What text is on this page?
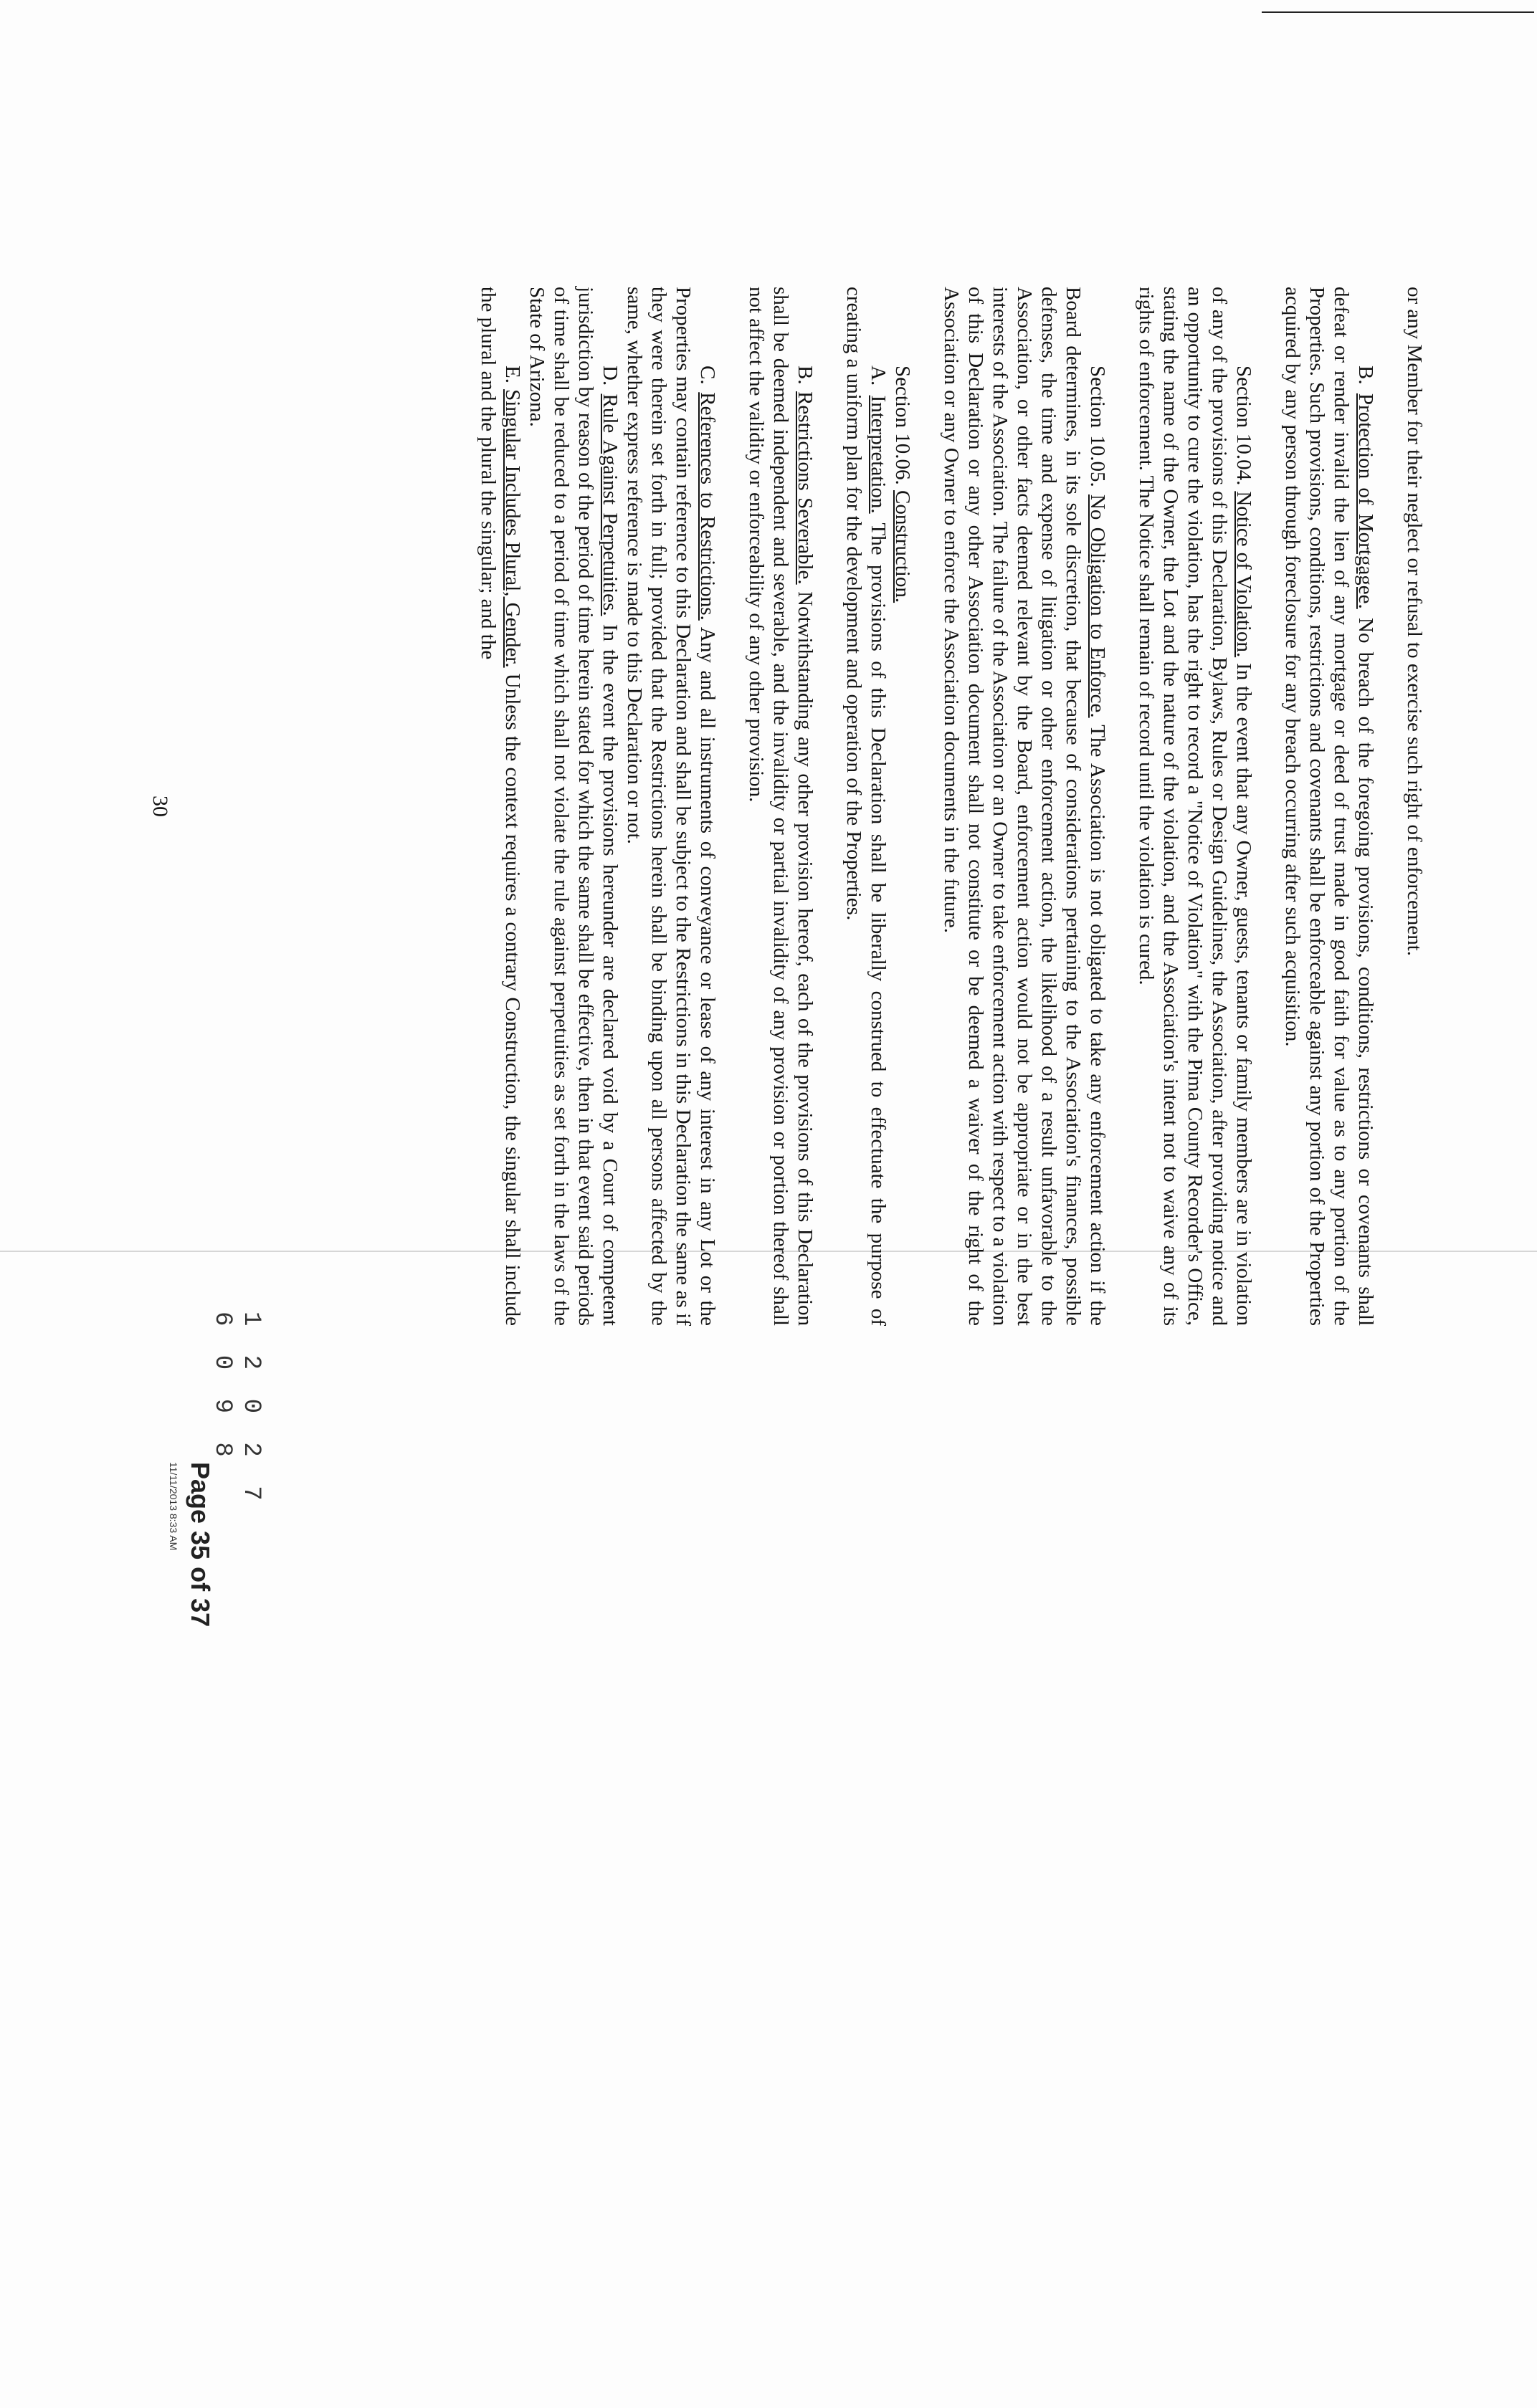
or any Member for their neglect or refusal to exercise such right of enforcement.

B. Protection of Mortgagee. No breach of the foregoing provisions, conditions, restrictions or covenants shall defeat or render invalid the lien of any mortgage or deed of trust made in good faith for value as to any portion of the Properties. Such provisions, conditions, restrictions and covenants shall be enforceable against any portion of the Properties acquired by any person through foreclosure for any breach occurring after such acquisition.

Section 10.04. Notice of Violation. In the event that any Owner, guests, tenants or family members are in violation of any of the provisions of this Declaration, Bylaws, Rules or Design Guidelines, the Association, after providing notice and an opportunity to cure the violation, has the right to record a "Notice of Violation" with the Pima County Recorder's Office, stating the name of the Owner, the Lot and the nature of the violation, and the Association's intent not to waive any of its rights of enforcement. The Notice shall remain of record until the violation is cured.

Section 10.05. No Obligation to Enforce. The Association is not obligated to take any enforcement action if the Board determines, in its sole discretion, that because of considerations pertaining to the Association's finances, possible defenses, the time and expense of litigation or other enforcement action, the likelihood of a result unfavorable to the Association, or other facts deemed relevant by the Board, enforcement action would not be appropriate or in the best interests of the Association. The failure of the Association or an Owner to take enforcement action with respect to a violation of this Declaration or any other Association document shall not constitute or be deemed a waiver of the right of the Association or any Owner to enforce the Association documents in the future.

Section 10.06. Construction.

A. Interpretation. The provisions of this Declaration shall be liberally construed to effectuate the purpose of creating a uniform plan for the development and operation of the Properties.

B. Restrictions Severable. Notwithstanding any other provision hereof, each of the provisions of this Declaration shall be deemed independent and severable, and the invalidity or partial invalidity of any provision or portion thereof shall not affect the validity or enforceability of any other provision.

C. References to Restrictions. Any and all instruments of conveyance or lease of any interest in any Lot or the Properties may contain reference to this Declaration and shall be subject to the Restrictions in this Declaration the same as if they were therein set forth in full; provided that the Restrictions herein shall be binding upon all persons affected by the same, whether express reference is made to this Declaration or not.

D. Rule Against Perpetuities. In the event the provisions hereunder are declared void by a Court of competent jurisdiction by reason of the period of time herein stated for which the same shall be effective, then in that event said periods of time shall be reduced to a period of time which shall not violate the rule against perpetuities as set forth in the laws of the State of Arizona.

E. Singular Includes Plural, Gender. Unless the context requires a contrary Construction, the singular shall include the plural and the plural the singular; and the

30
1 2 0 2 7
6 0 9 8
Page 35 of 37
11/11/2013 8:33 AM
